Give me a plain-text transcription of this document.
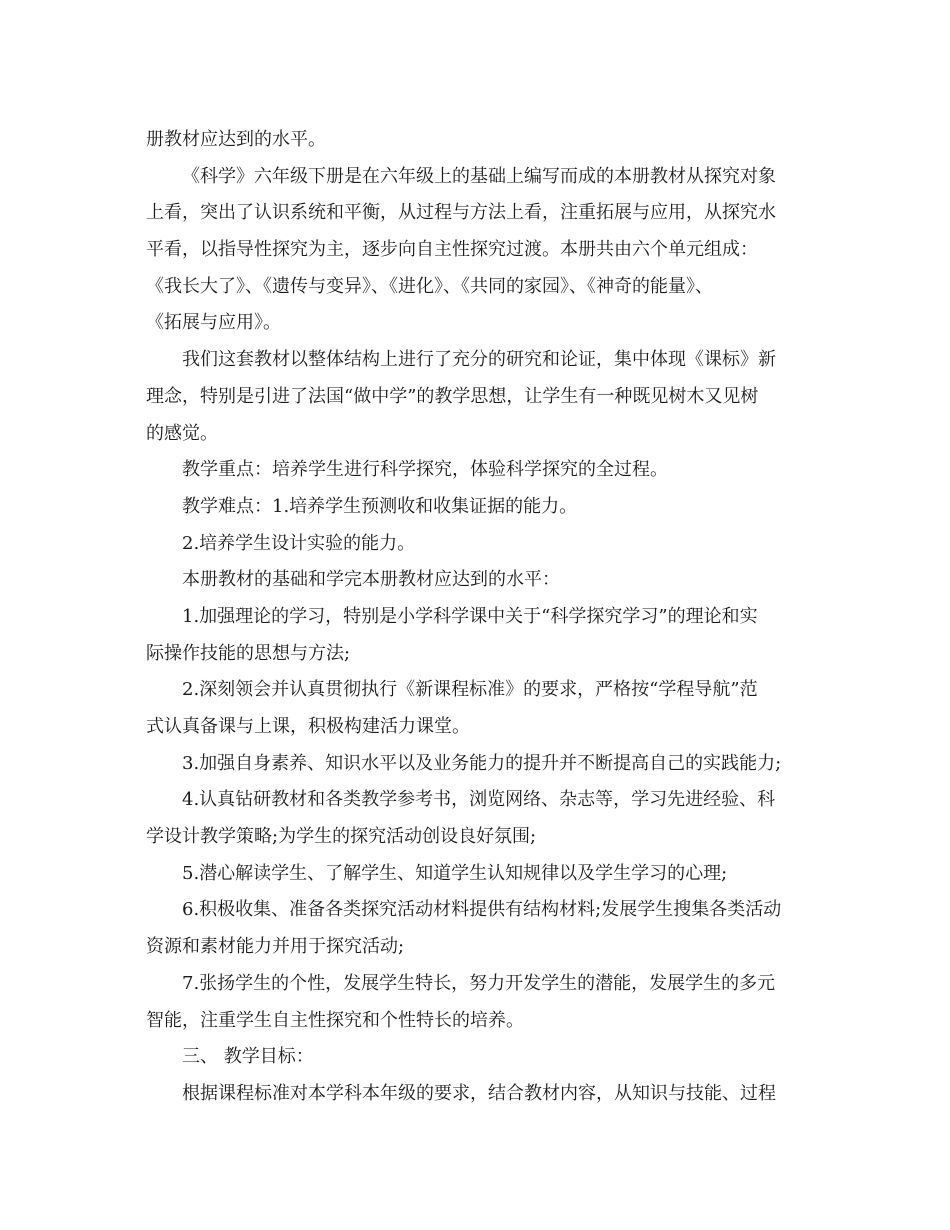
册教材应达到的水平。
《科学》六年级下册是在六年级上的基础上编写而成的本册教材从探究对象
上看，突出了认识系统和平衡，从过程与方法上看，注重拓展与应用，从探究水
平看，以指导性探究为主，逐步向自主性探究过渡。本册共由六个单元组成：
《我长大了》、《遗传与变异》、《进化》、《共同的家园》、《神奇的能量》、
《拓展与应用》。
我们这套教材以整体结构上进行了充分的研究和论证，集中体现《课标》新
理念，特别是引进了法国“做中学”的教学思想，让学生有一种既见树木又见树
的感觉。
教学重点：培养学生进行科学探究，体验科学探究的全过程。
教学难点：1.培养学生预测收和收集证据的能力。
2.培养学生设计实验的能力。
本册教材的基础和学完本册教材应达到的水平：
1.加强理论的学习，特别是小学科学课中关于“科学探究学习”的理论和实
际操作技能的思想与方法;
2.深刻领会并认真贯彻执行《新课程标准》的要求，严格按“学程导航”范
式认真备课与上课，积极构建活力课堂。
3.加强自身素养、知识水平以及业务能力的提升并不断提高自己的实践能力;
4.认真钻研教材和各类教学参考书，浏览网络、杂志等，学习先进经验、科
学设计教学策略;为学生的探究活动创设良好氛围;
5.潜心解读学生、了解学生、知道学生认知规律以及学生学习的心理;
6.积极收集、准备各类探究活动材料提供有结构材料;发展学生搜集各类活动
资源和素材能力并用于探究活动;
7.张扬学生的个性，发展学生特长，努力开发学生的潜能，发展学生的多元
智能，注重学生自主性探究和个性特长的培养。
三、 教学目标：
根据课程标准对本学科本年级的要求，结合教材内容，从知识与技能、过程
